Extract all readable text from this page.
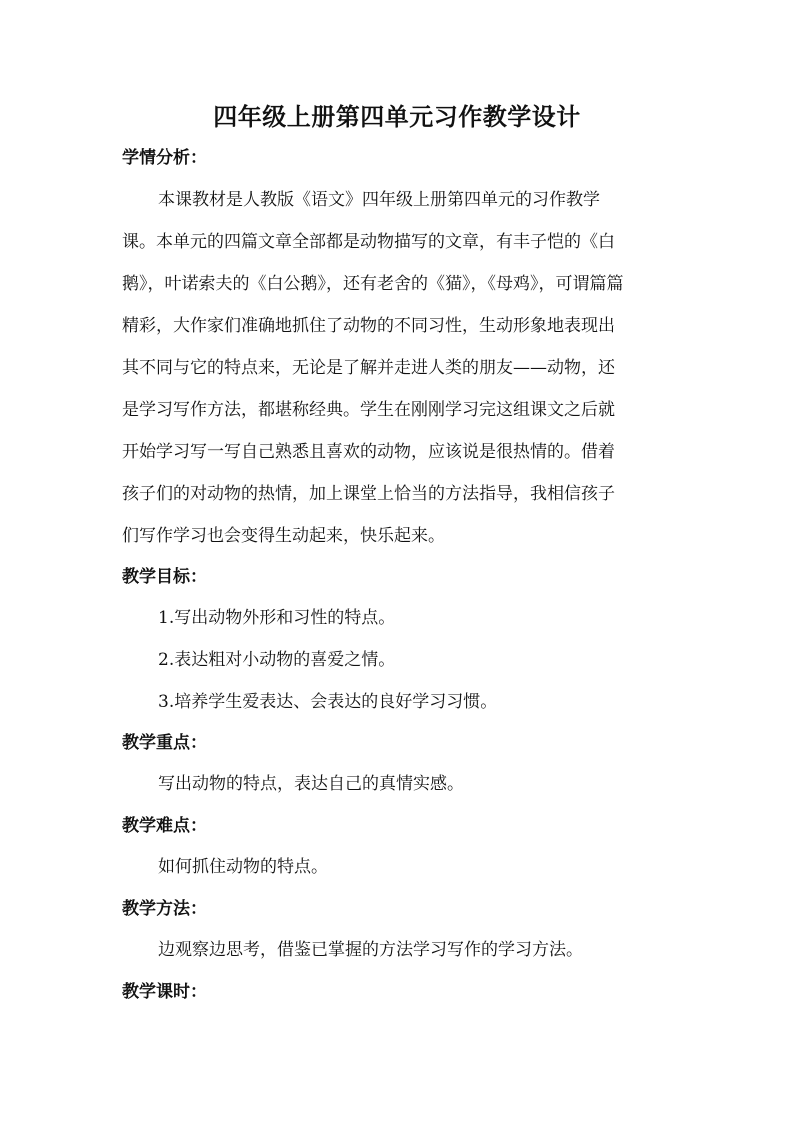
四年级上册第四单元习作教学设计
学情分析：
本课教材是人教版《语文》四年级上册第四单元的习作教学
课。本单元的四篇文章全部都是动物描写的文章，有丰子恺的《白
鹅》，叶诺索夫的《白公鹅》，还有老舍的《猫》，《母鸡》，可谓篇篇
精彩，大作家们准确地抓住了动物的不同习性，生动形象地表现出
其不同与它的特点来，无论是了解并走进人类的朋友——动物，还
是学习写作方法，都堪称经典。学生在刚刚学习完这组课文之后就
开始学习写一写自己熟悉且喜欢的动物，应该说是很热情的。借着
孩子们的对动物的热情，加上课堂上恰当的方法指导，我相信孩子
们写作学习也会变得生动起来，快乐起来。
教学目标：
1.写出动物外形和习性的特点。
2.表达粗对小动物的喜爱之情。
3.培养学生爱表达、会表达的良好学习习惯。
教学重点：
写出动物的特点，表达自己的真情实感。
教学难点：
如何抓住动物的特点。
教学方法：
边观察边思考，借鉴已掌握的方法学习写作的学习方法。
教学课时：
